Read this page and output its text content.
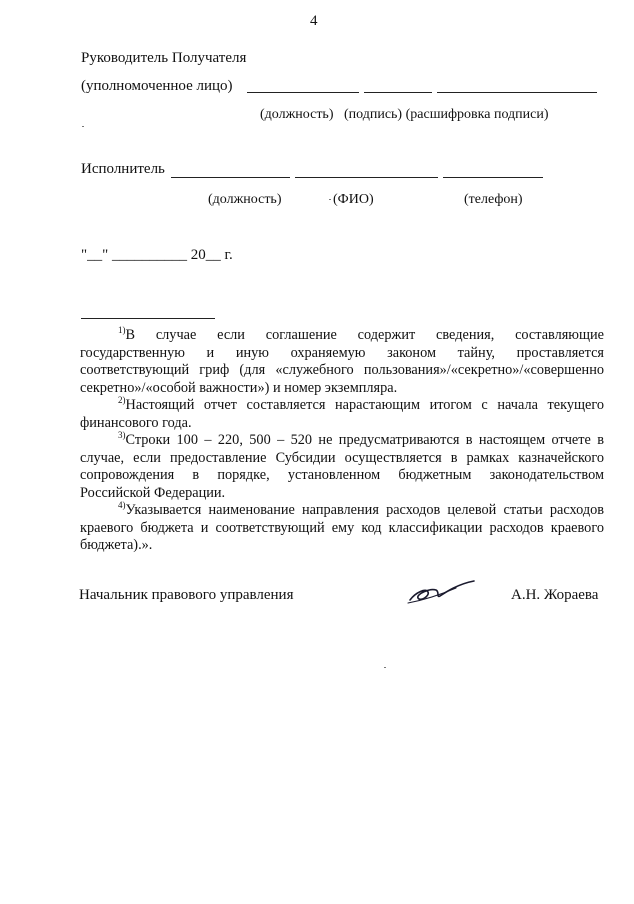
4
Руководитель Получателя
(уполномоченное лицо)
(должность)   (подпись) (расшифровка подписи)
Исполнитель
(должность)	(ФИО)	(телефон)
"__" __________ 20__ г.

$^{1)}$В случае если соглашение содержит сведения, составляющие государственную и иную охраняемую законом тайну, проставляется соответствующий гриф (для «служебного пользования»/«секретно»/«совершенно секретно»/«особой важности») и номер экземпляра.

$^{2)}$Настоящий отчет составляется нарастающим итогом с начала текущего финансового года.

$^{3)}$Строки 100 – 220, 500 – 520 не предусматриваются в настоящем отчете в случае, если предоставление Субсидии осуществляется в рамках казначейского сопровождения в порядке, установленном бюджетным законодательством Российской Федерации.

$^{4)}$Указывается наименование направления расходов целевой статьи расходов краевого бюджета и соответствующий ему код классификации расходов краевого бюджета).».

Начальник правового управления	А.Н. Жораева
